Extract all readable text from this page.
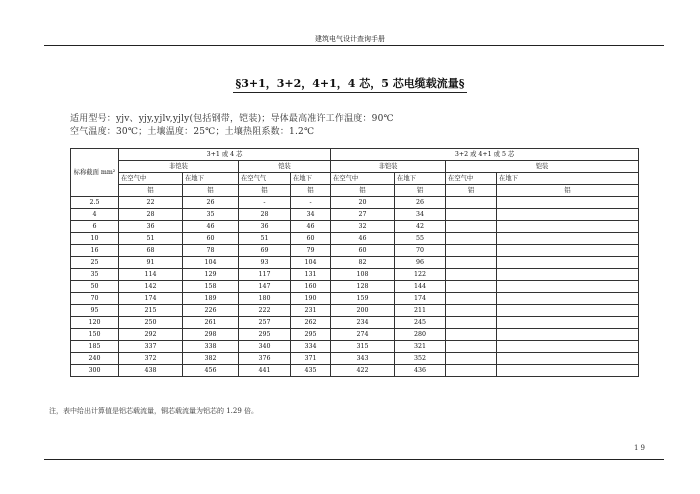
建筑电气设计查询手册
§3+1，3+2，4+1，4 芯，5 芯电缆载流量§
适用型号：yjv、yjy,yjlv,yjly(包括钢带，铠装)；导体最高准许工作温度：90℃
空气温度：30℃；土壤温度：25℃；土壤热阻系数：1.2℃
标称截面 mm²	3+1 或 4 芯				3+2 或 4+1 或 5 芯			
	非铠装		铠装		非铠装		铠装	
	在空气中	在地下	在空气气	在地下	在空气中	在地下	在空气中	在地下
	铝	铝	铝	铝	铝	铝	铝	铝
2.5	22	26	-	-	20	26		
4	28	35	28	34	27	34		
6	36	46	36	46	32	42		
10	51	60	51	60	46	55		
16	68	78	69	79	60	70		
25	91	104	93	104	82	96		
35	114	129	117	131	108	122		
50	142	158	147	160	128	144		
70	174	189	180	190	159	174		
95	215	226	222	231	200	211		
120	250	261	257	262	234	245		
150	292	298	295	295	274	280		
185	337	338	340	334	315	321		
240	372	382	376	371	343	352		
300	438	456	441	435	422	436		
注，表中给出计算值是铝芯载流量，铜芯载流量为铝芯的 1.29 倍。
19
